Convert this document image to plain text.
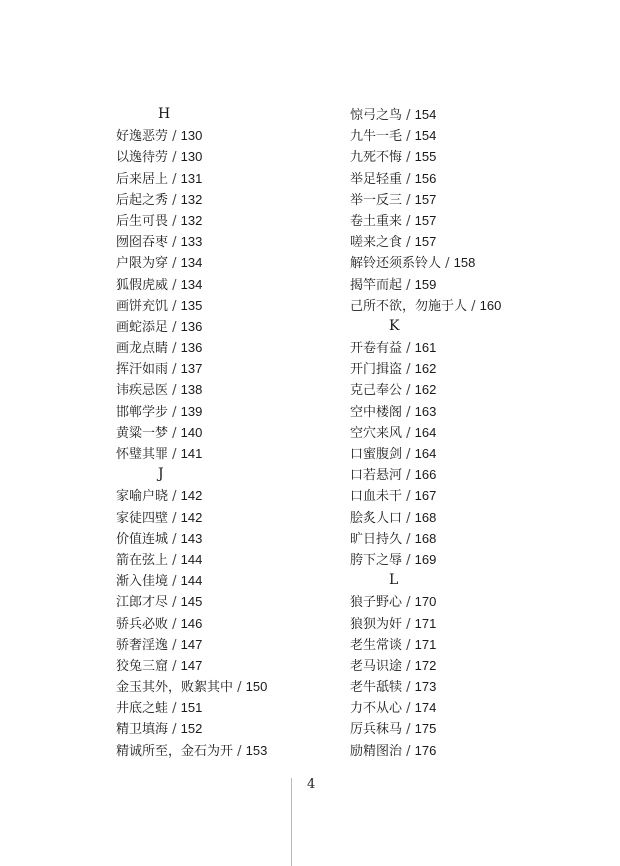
H
好逸恶劳 / 130
以逸待劳 / 130
后来居上 / 131
后起之秀 / 132
后生可畏 / 132
囫囵吞枣 / 133
户限为穿 / 134
狐假虎威 / 134
画饼充饥 / 135
画蛇添足 / 136
画龙点睛 / 136
挥汗如雨 / 137
讳疾忌医 / 138
邯郸学步 / 139
黄粱一梦 / 140
怀璧其罪 / 141
J
家喻户晓 / 142
家徒四壁 / 142
价值连城 / 143
箭在弦上 / 144
渐入佳境 / 144
江郎才尽 / 145
骄兵必败 / 146
骄奢淫逸 / 147
狡兔三窟 / 147
金玉其外，败絮其中 / 150
井底之蛙 / 151
精卫填海 / 152
精诚所至，金石为开 / 153
惊弓之鸟 / 154
九牛一毛 / 154
九死不悔 / 155
举足轻重 / 156
举一反三 / 157
卷土重来 / 157
嗟来之食 / 157
解铃还须系铃人 / 158
揭竿而起 / 159
己所不欲，勿施于人 / 160
K
开卷有益 / 161
开门揖盗 / 162
克己奉公 / 162
空中楼阁 / 163
空穴来风 / 164
口蜜腹剑 / 164
口若悬河 / 166
口血未干 / 167
脍炙人口 / 168
旷日持久 / 168
胯下之辱 / 169
L
狼子野心 / 170
狼狈为奸 / 171
老生常谈 / 171
老马识途 / 172
老牛舐犊 / 173
力不从心 / 174
厉兵秣马 / 175
励精图治 / 176
4
